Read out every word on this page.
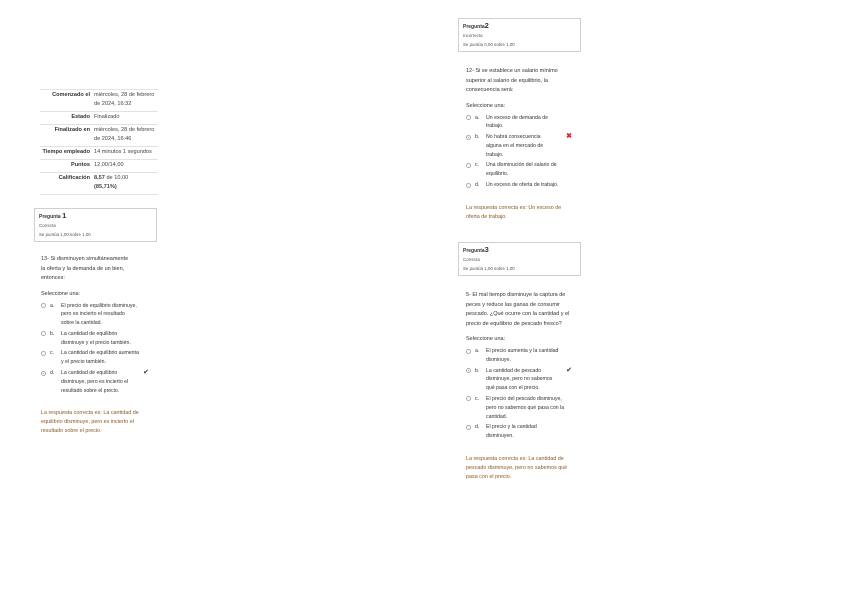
Comenzado el miércoles, 28 de febrero de 2024, 16:32
Estado Finalizado
Finalizado en miércoles, 28 de febrero de 2024, 16:46
Tiempo empleado 14 minutos 1 segundos
Puntos 12,00/14,00
Calificación 8,57 de 10,00
(85,71%)
Pregunta 1
Correcta
Se puntúa 1,00 sobre 1,00

13- Si disminuyen simultáneamente la oferta y la demanda de un bien, entonces:

Seleccione una:

a.	El precio de equilibrio disminuye, pero es incierto el resultado sobre la cantidad.
b.	La cantidad de equilibrio disminuye y el precio también.
c.	La cantidad de equilibrio aumenta y el precio también.
d.	La cantidad de equilibrio disminuye, pero es incierto el resultado sobre el precio.
✔
La respuesta correcta es: La cantidad de equilibrio disminuye, pero es incierto el resultado sobre el precio.
Pregunta2
Incorrecta
Se puntúa 0,00 sobre 1,00

12- Si se establece un salario mínimo superior al salario de equilibrio, la consecuencia será:

Seleccione una:

a.	Un exceso de demanda de trabajo.
b.	No habrá consecuencia alguna en el mercado de trabajo.
✖
c.	Una disminución del salario de equilibrio.
d.	Un exceso de oferta de trabajo.
La respuesta correcta es: Un exceso de oferta de trabajo.
Pregunta3
Correcta
Se puntúa 1,00 sobre 1,00

5- El mal tiempo disminuye la captura de peces y reduce las ganas de consumir pescado. ¿Qué ocurre con la cantidad y el precio de equilibrio de pescado fresco?

Seleccione una:

a.	El precio aumenta y la cantidad disminuye.
b.	La cantidad de pescado disminuye, pero no sabemos qué pasa con el precio.
✔
c.	El precio del pescado disminuye, pero no sabemos qué pasa con la cantidad.
d.	El precio y la cantidad disminuyen.
La respuesta correcta es: La cantidad de pescado disminuye, pero no sabemos qué pasa con el precio.
